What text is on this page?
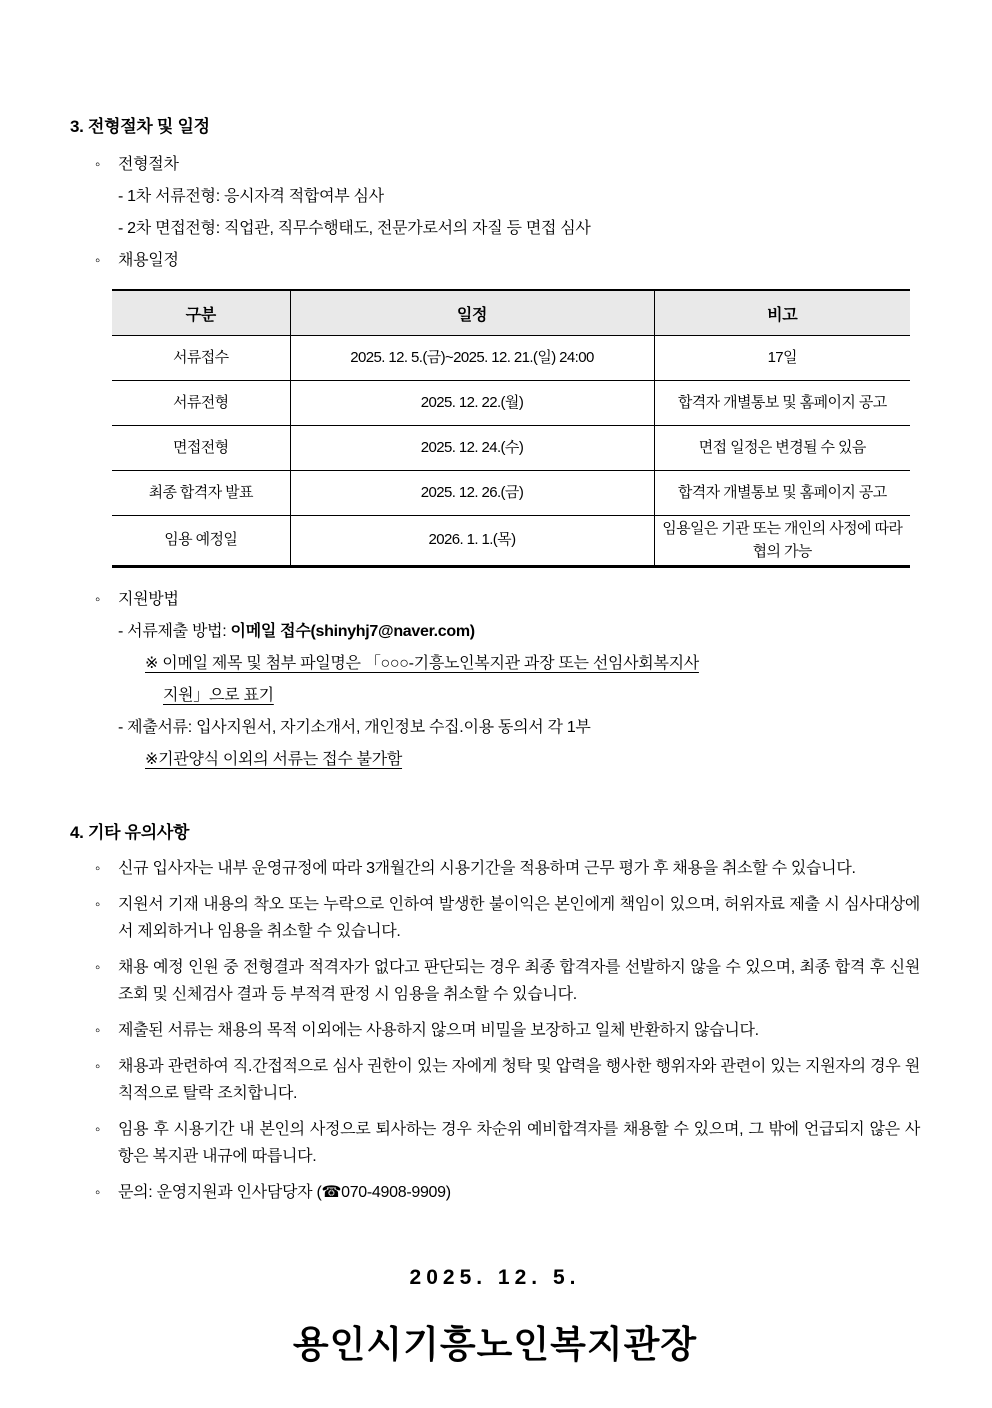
3. 전형절차 및 일정
◦	전형절차
- 1차 서류전형: 응시자격 적합여부 심사
- 2차 면접전형: 직업관, 직무수행태도, 전문가로서의 자질 등 면접 심사
◦	채용일정
구분	일정	비고
서류접수	2025. 12. 5.(금)~2025. 12. 21.(일) 24:00	17일
서류전형	2025. 12. 22.(월)	합격자 개별통보 및 홈페이지 공고
면접전형	2025. 12. 24.(수)	면접 일정은 변경될 수 있음
최종 합격자 발표	2025. 12. 26.(금)	합격자 개별통보 및 홈페이지 공고
임용 예정일	2026. 1. 1.(목)	임용일은 기관 또는 개인의 사정에 따라 협의 가능
◦	지원방법
- 서류제출 방법: 이메일 접수(shinyhj7@naver.com)
※ 이메일 제목 및 첨부 파일명은 「○○○-기흥노인복지관 과장 또는 선임사회복지사
지원」으로 표기
- 제출서류: 입사지원서, 자기소개서, 개인정보 수집.이용 동의서 각 1부
※기관양식 이외의 서류는 접수 불가함
4. 기타 유의사항
◦	신규 입사자는 내부 운영규정에 따라 3개월간의 시용기간을 적용하며 근무 평가 후 채용을 취소할 수 있습니다.
◦	지원서 기재 내용의 착오 또는 누락으로 인하여 발생한 불이익은 본인에게 책임이 있으며, 허위자료 제출 시 심사대상에서 제외하거나 임용을 취소할 수 있습니다.
◦	채용 예정 인원 중 전형결과 적격자가 없다고 판단되는 경우 최종 합격자를 선발하지 않을 수 있으며, 최종 합격 후 신원 조회 및 신체검사 결과 등 부적격 판정 시 임용을 취소할 수 있습니다.
◦	제출된 서류는 채용의 목적 이외에는 사용하지 않으며 비밀을 보장하고 일체 반환하지 않습니다.
◦	채용과 관련하여 직.간접적으로 심사 권한이 있는 자에게 청탁 및 압력을 행사한 행위자와 관련이 있는 지원자의 경우 원칙적으로 탈락 조치합니다.
◦	임용 후 시용기간 내 본인의 사정으로 퇴사하는 경우 차순위 예비합격자를 채용할 수 있으며, 그 밖에 언급되지 않은 사항은 복지관 내규에 따릅니다.
◦	문의: 운영지원과 인사담당자 (☎070-4908-9909)
2025. 12. 5.
용인시기흥노인복지관장
